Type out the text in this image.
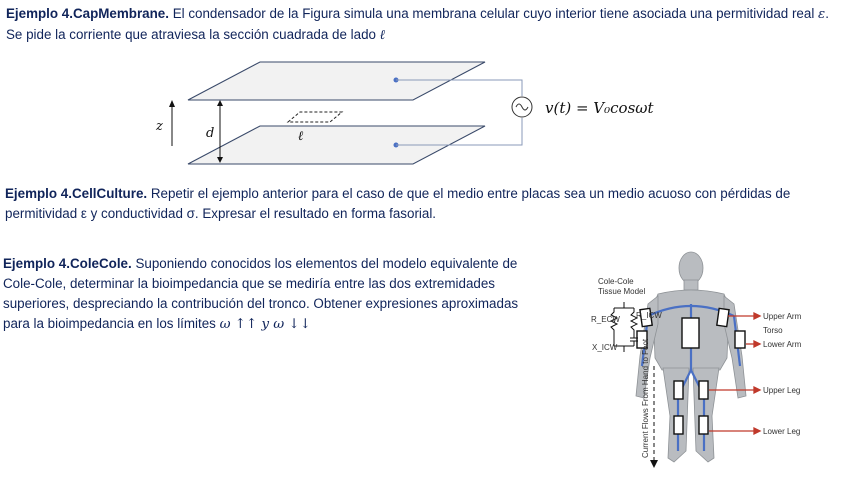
Ejemplo 4.CapMembrane. El condensador de la Figura simula una membrana celular cuyo interior tiene asociada una permitividad real ε. Se pide la corriente que atraviesa la sección cuadrada de lado ℓ
z	d	ℓ
v(t) = V₀cosωt
Ejemplo 4.CellCulture. Repetir el ejemplo anterior para el caso de que el medio entre placas sea un medio acuoso con pérdidas de permitividad ε y conductividad σ. Expresar el resultado en forma fasorial.
Ejemplo 4.ColeCole. Suponiendo conocidos los elementos del modelo equivalente de Cole-Cole, determinar la bioimpedancia que se mediría entre las dos extremidades superiores, despreciando la contribución del tronco. Obtener expresiones aproximadas para la bioimpedancia en los límites ω ↑↑ y ω ↓↓
Cole-Cole
Tissue Model
R_ECW R_ICW
X_ICW	Current Flows From Hand to Foot
Upper Arm
Torso
Lower Arm
Upper Leg
Lower Leg
